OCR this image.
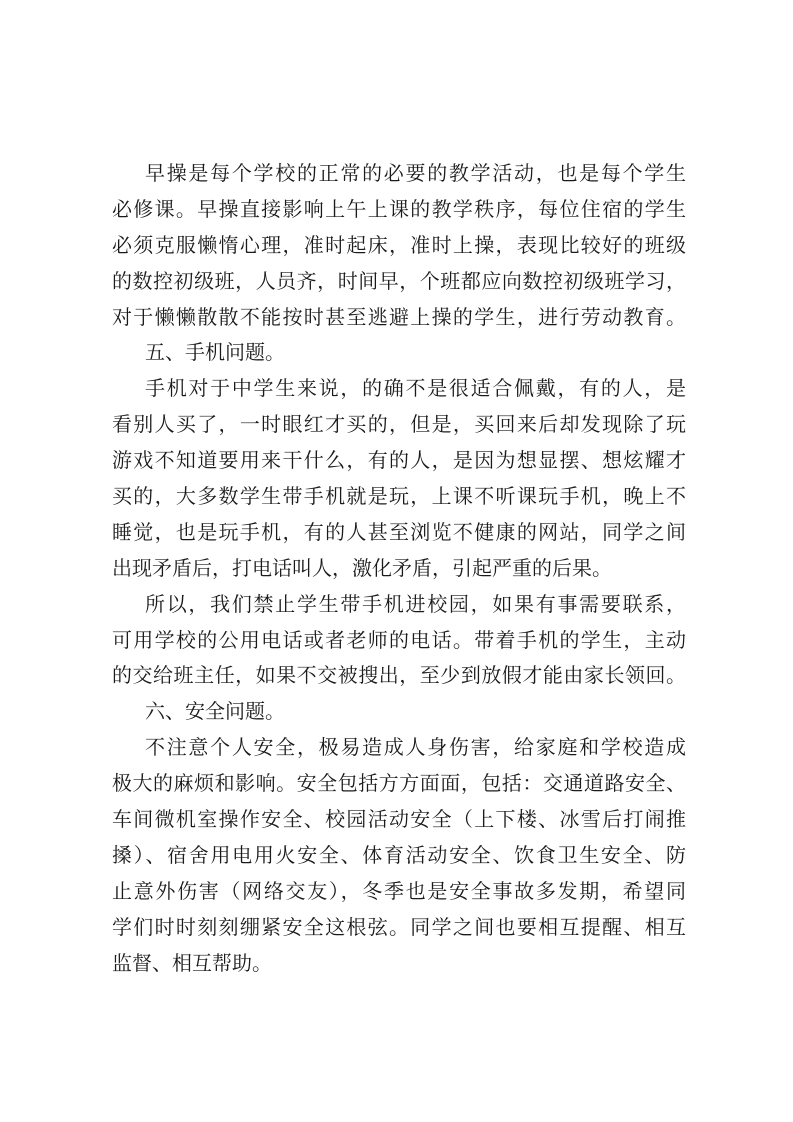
早操是每个学校的正常的必要的教学活动，也是每个学生
必修课。早操直接影响上午上课的教学秩序，每位住宿的学生
必须克服懒惰心理，准时起床，准时上操，表现比较好的班级
的数控初级班，人员齐，时间早，个班都应向数控初级班学习，
对于懒懒散散不能按时甚至逃避上操的学生，进行劳动教育。
五、手机问题。
手机对于中学生来说，的确不是很适合佩戴，有的人，是
看别人买了，一时眼红才买的，但是，买回来后却发现除了玩
游戏不知道要用来干什么，有的人，是因为想显摆、想炫耀才
买的，大多数学生带手机就是玩，上课不听课玩手机，晚上不
睡觉，也是玩手机，有的人甚至浏览不健康的网站，同学之间
出现矛盾后，打电话叫人，激化矛盾，引起严重的后果。
所以，我们禁止学生带手机进校园，如果有事需要联系，
可用学校的公用电话或者老师的电话。带着手机的学生，主动
的交给班主任，如果不交被搜出，至少到放假才能由家长领回。
六、安全问题。
不注意个人安全，极易造成人身伤害，给家庭和学校造成
极大的麻烦和影响。安全包括方方面面，包括：交通道路安全、
车间微机室操作安全、校园活动安全（上下楼、冰雪后打闹推
搡）、宿舍用电用火安全、体育活动安全、饮食卫生安全、防
止意外伤害（网络交友），冬季也是安全事故多发期，希望同
学们时时刻刻绷紧安全这根弦。同学之间也要相互提醒、相互
监督、相互帮助。
